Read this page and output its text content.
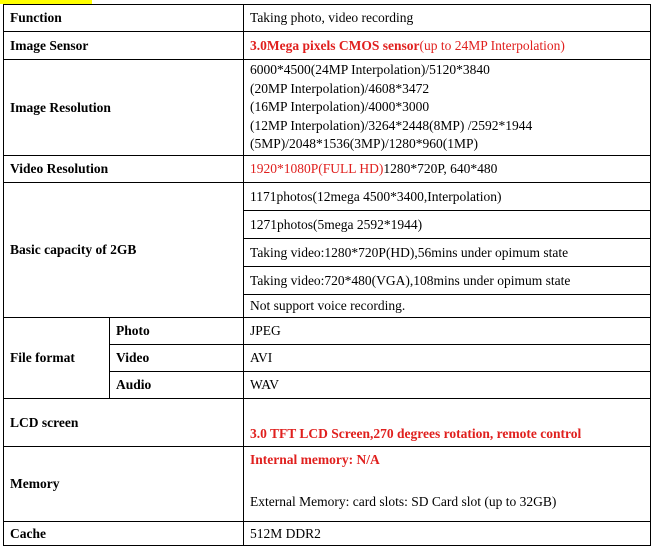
Function		Taking photo, video recording
Image Sensor		3.0Mega pixels CMOS sensor(up to 24MP Interpolation)
Image Resolution		6000*4500(24MP Interpolation)/5120*3840
(20MP Interpolation)/4608*3472
(16MP Interpolation)/4000*3000
(12MP Interpolation)/3264*2448(8MP) /2592*1944
(5MP)/2048*1536(3MP)/1280*960(1MP)

Video Resolution		1920*1080P(FULL HD)1280*720P, 640*480
Basic capacity of 2GB		1171photos(12mega 4500*3400,Interpolation)
		1271photos(5mega 2592*1944)
		Taking video:1280*720P(HD),56mins under opimum state
		Taking video:720*480(VGA),108mins under opimum state
		Not support voice recording.
File format	Photo	JPEG
	Video	AVI
	Audio	WAV
LCD screen		3.0 TFT LCD Screen,270 degrees rotation, remote control
Memory		Internal memory: N/A
External Memory: card slots: SD Card slot (up to 32GB)

Cache		512M DDR2
